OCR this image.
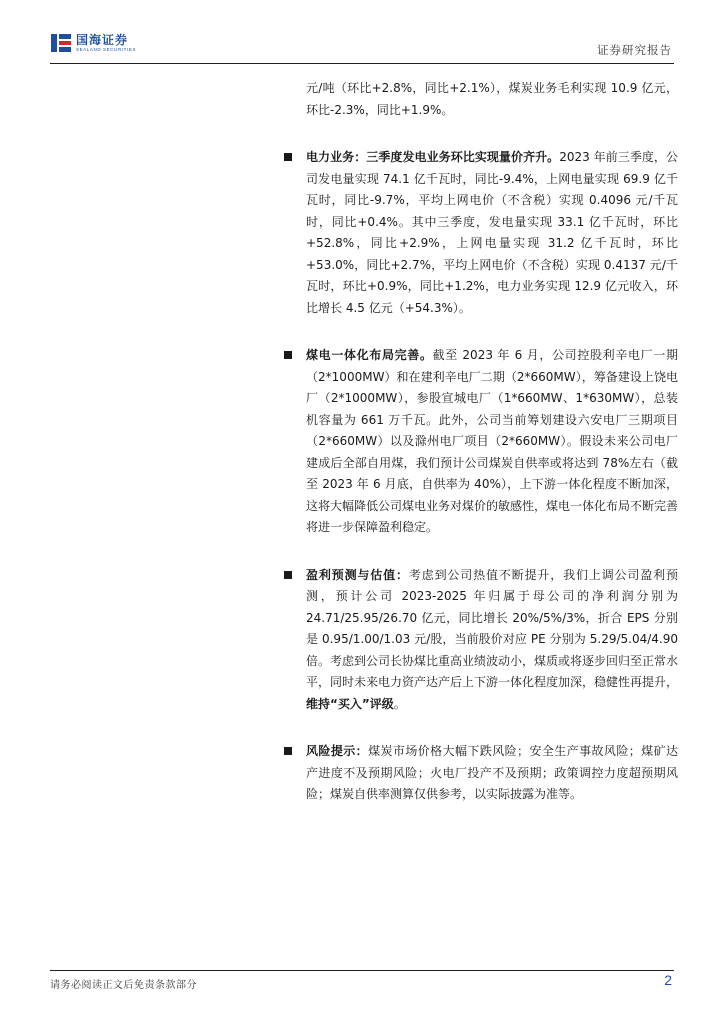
国海证券
SEALAND SECURITIES	证券研究报告

元/吨（环比+2.8%，同比+2.1%），煤炭业务毛利实现 10.9 亿元，环比-2.3%，同比+1.9%。

电力业务：三季度发电业务环比实现量价齐升。2023 年前三季度，公司发电量实现 74.1 亿千瓦时，同比-9.4%，上网电量实现 69.9 亿千瓦时，同比-9.7%，平均上网电价（不含税）实现 0.4096 元/千瓦时，同比+0.4%。其中三季度，发电量实现 33.1 亿千瓦时，环比+52.8%，同比+2.9%，上网电量实现 31.2 亿千瓦时，环比+53.0%，同比+2.7%，平均上网电价（不含税）实现 0.4137 元/千瓦时，环比+0.9%，同比+1.2%，电力业务实现 12.9 亿元收入，环比增长 4.5 亿元（+54.3%）。

煤电一体化布局完善。截至 2023 年 6 月，公司控股利辛电厂一期（2*1000MW）和在建利辛电厂二期（2*660MW），筹备建设上饶电厂（2*1000MW），参股宣城电厂（1*660MW、1*630MW），总装机容量为 661 万千瓦。此外，公司当前筹划建设六安电厂三期项目（2*660MW）以及滁州电厂项目（2*660MW）。假设未来公司电厂建成后全部自用煤，我们预计公司煤炭自供率或将达到 78%左右（截至 2023 年 6 月底，自供率为 40%），上下游一体化程度不断加深，这将大幅降低公司煤电业务对煤价的敏感性，煤电一体化布局不断完善将进一步保障盈利稳定。

盈利预测与估值：考虑到公司热值不断提升，我们上调公司盈利预测，预计公司 2023-2025 年归属于母公司的净利润分别为 24.71/25.95/26.70 亿元，同比增长 20%/5%/3%，折合 EPS 分别是 0.95/1.00/1.03 元/股，当前股价对应 PE 分别为 5.29/5.04/4.90 倍。考虑到公司长协煤比重高业绩波动小，煤质或将逐步回归至正常水平，同时未来电力资产达产后上下游一体化程度加深，稳健性再提升，维持“买入”评级。

风险提示：煤炭市场价格大幅下跌风险；安全生产事故风险；煤矿达产进度不及预期风险；火电厂投产不及预期；政策调控力度超预期风险；煤炭自供率测算仅供参考，以实际披露为准等。

请务必阅读正文后免责条款部分	2
